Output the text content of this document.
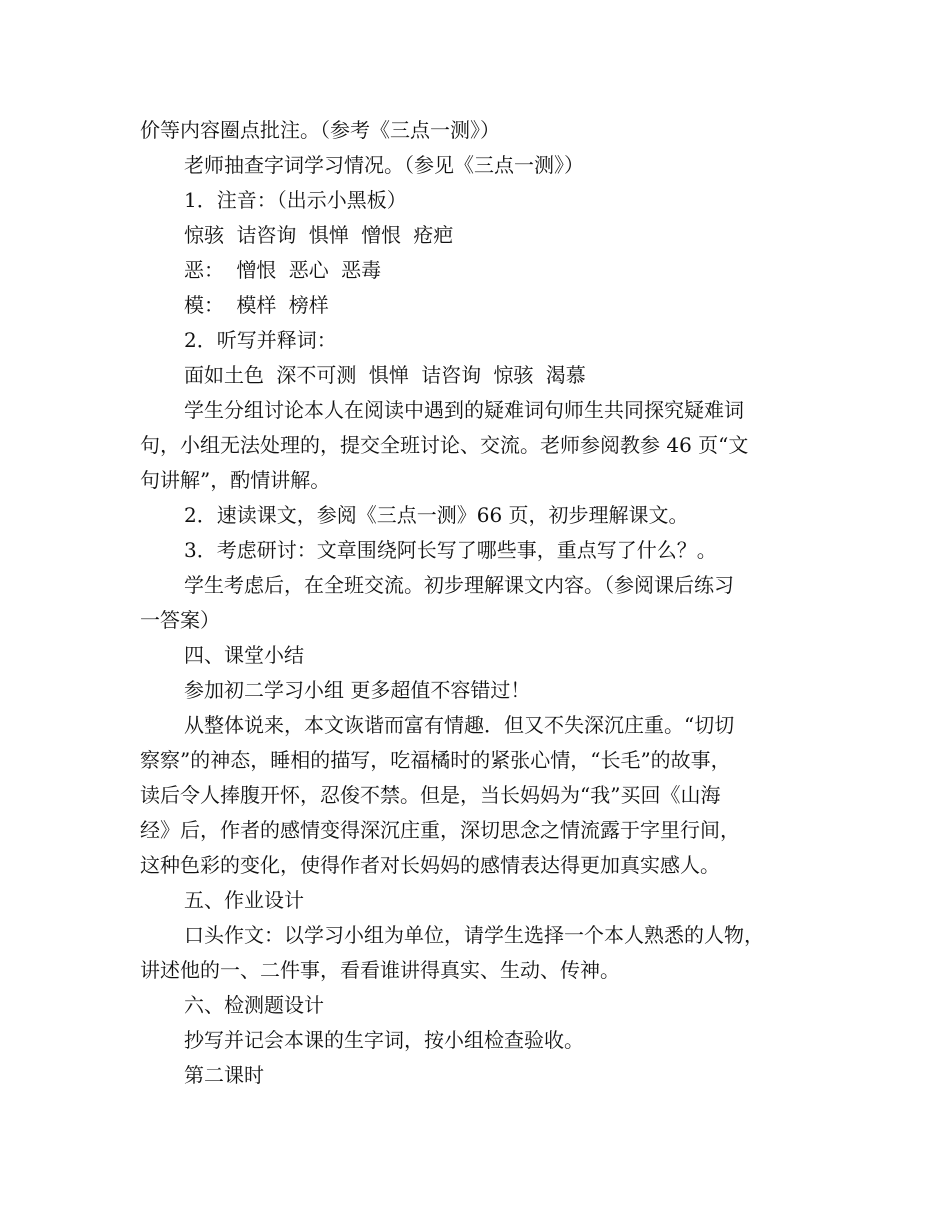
价等内容圈点批注。（参考《三点一测》）

老师抽查字词学习情况。（参见《三点一测》）

1．注音：（出示小黑板）

惊骇 诘咨询 惧惮 憎恨 疮疤

恶： 憎恨 恶心 恶毒

模： 模样 榜样

2．听写并释词：

面如土色 深不可测 惧惮 诘咨询 惊骇 渴慕

学生分组讨论本人在阅读中遇到的疑难词句师生共同探究疑难词

句，小组无法处理的，提交全班讨论、交流。老师参阅教参 46 页“文

句讲解”，酌情讲解。

2．速读课文，参阅《三点一测》66 页，初步理解课文。

3．考虑研讨：文章围绕阿长写了哪些事，重点写了什么？。

学生考虑后，在全班交流。初步理解课文内容。（参阅课后练习

一答案）

四、课堂小结

参加初二学习小组 更多超值不容错过！

从整体说来，本文诙谐而富有情趣．但又不失深沉庄重。“切切

察察”的神态，睡相的描写，吃福橘时的紧张心情，“长毛”的故事，

读后令人捧腹开怀，忍俊不禁。但是，当长妈妈为“我”买回《山海

经》后，作者的感情变得深沉庄重，深切思念之情流露于字里行间，

这种色彩的变化，使得作者对长妈妈的感情表达得更加真实感人。

五、作业设计

口头作文：以学习小组为单位，请学生选择一个本人熟悉的人物，

讲述他的一、二件事，看看谁讲得真实、生动、传神。

六、检测题设计

抄写并记会本课的生字词，按小组检查验收。

第二课时
